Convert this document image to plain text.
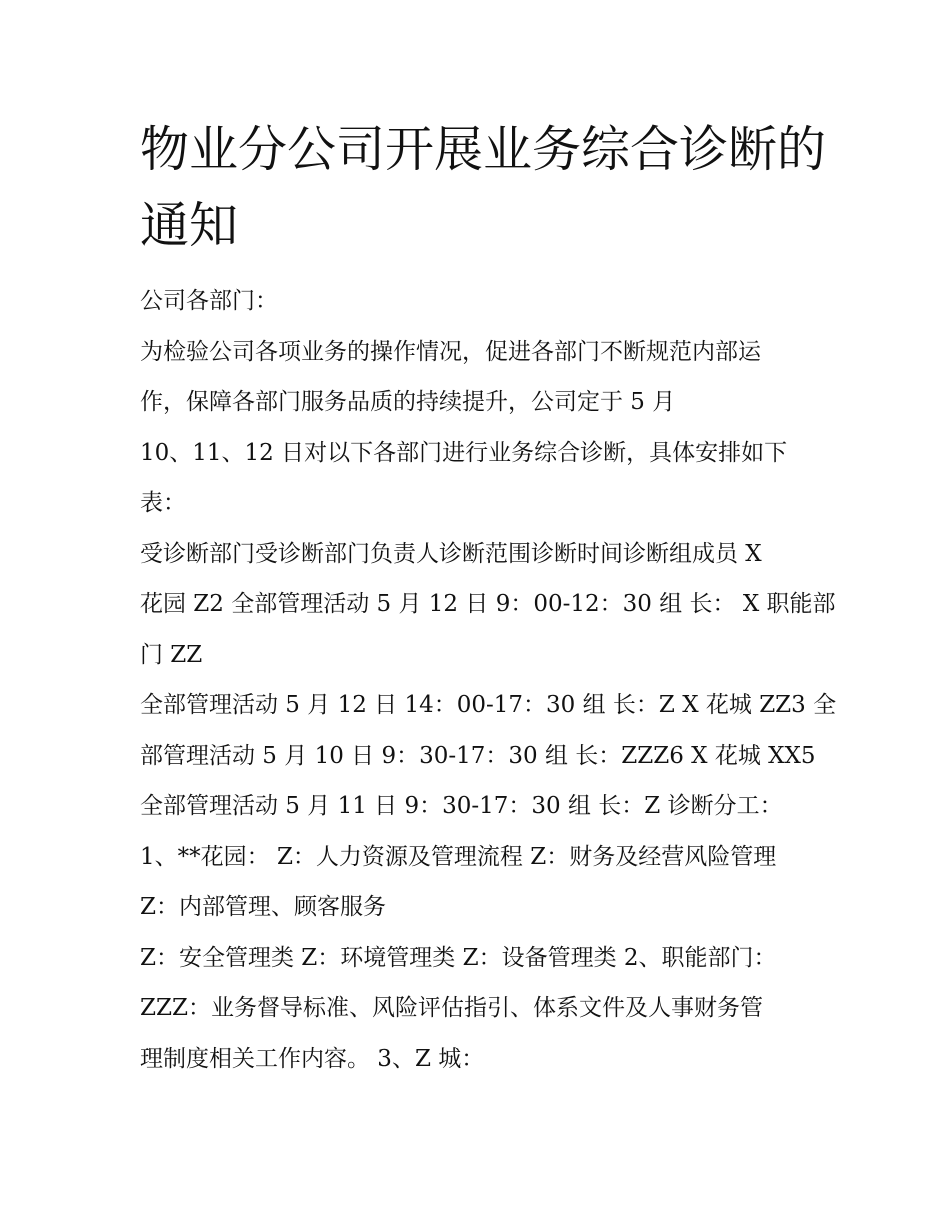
物业分公司开展业务综合诊断的通知

公司各部门：

为检验公司各项业务的操作情况，促进各部门不断规范内部运

作，保障各部门服务品质的持续提升，公司定于 5 月

10、11、12 日对以下各部门进行业务综合诊断，具体安排如下

表：

受诊断部门受诊断部门负责人诊断范围诊断时间诊断组成员 X

花园 Z2 全部管理活动 5 月 12 日 9：00-12：30 组 长： X 职能部

门 ZZ

全部管理活动 5 月 12 日 14：00-17：30 组 长：Z X 花城 ZZ3 全

部管理活动 5 月 10 日 9：30-17：30 组 长：ZZZ6 X 花城 XX5

全部管理活动 5 月 11 日 9：30-17：30 组 长：Z 诊断分工：

1、**花园： Z：人力资源及管理流程 Z：财务及经营风险管理

Z：内部管理、顾客服务

Z：安全管理类 Z：环境管理类 Z：设备管理类 2、职能部门：

ZZZ：业务督导标准、风险评估指引、体系文件及人事财务管

理制度相关工作内容。 3、Z 城：
